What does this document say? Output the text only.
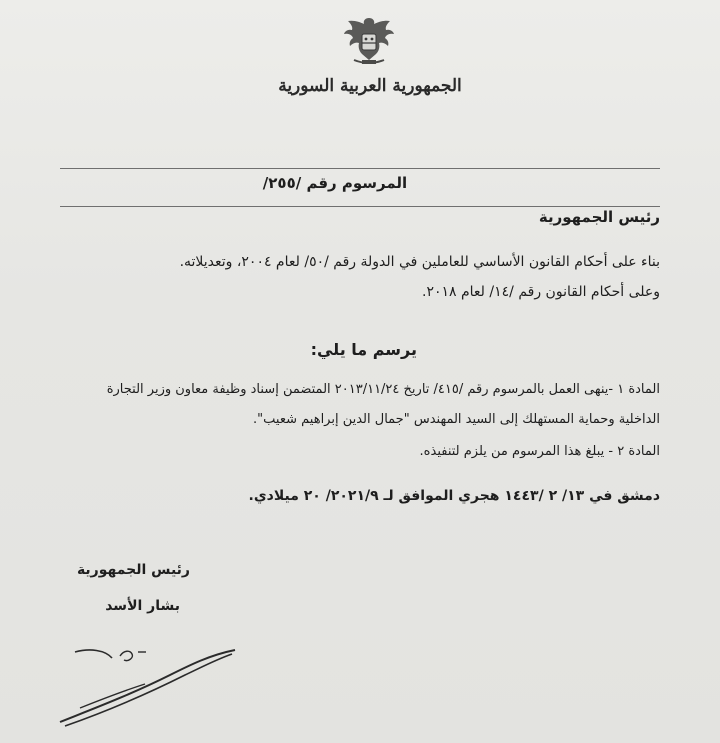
الجمهورية العربية السورية
المرسوم رقم /٢٥٥/
رئيس الجمهورية
بناء على أحكام القانون الأساسي للعاملين في الدولة رقم /٥٠/ لعام ٢٠٠٤، وتعديلاته.
وعلى أحكام القانون رقم /١٤/ لعام ٢٠١٨.
يرسم ما يلي:
المادة ١ -ينهى العمل بالمرسوم رقم /٤١٥/ تاريخ ٢٠١٣/١١/٢٤ المتضمن إسناد وظيفة معاون وزير التجارة
الداخلية وحماية المستهلك إلى السيد المهندس "جمال الدين إبراهيم شعيب".
المادة ٢ - يبلغ هذا المرسوم من يلزم لتنفيذه.
دمشق في ١٣/ ٢ /١٤٤٣ هجري الموافق لـ ٢٠٢١/٩/ ٢٠ ميلادي.
رئيس الجمهورية
بشار الأسد
